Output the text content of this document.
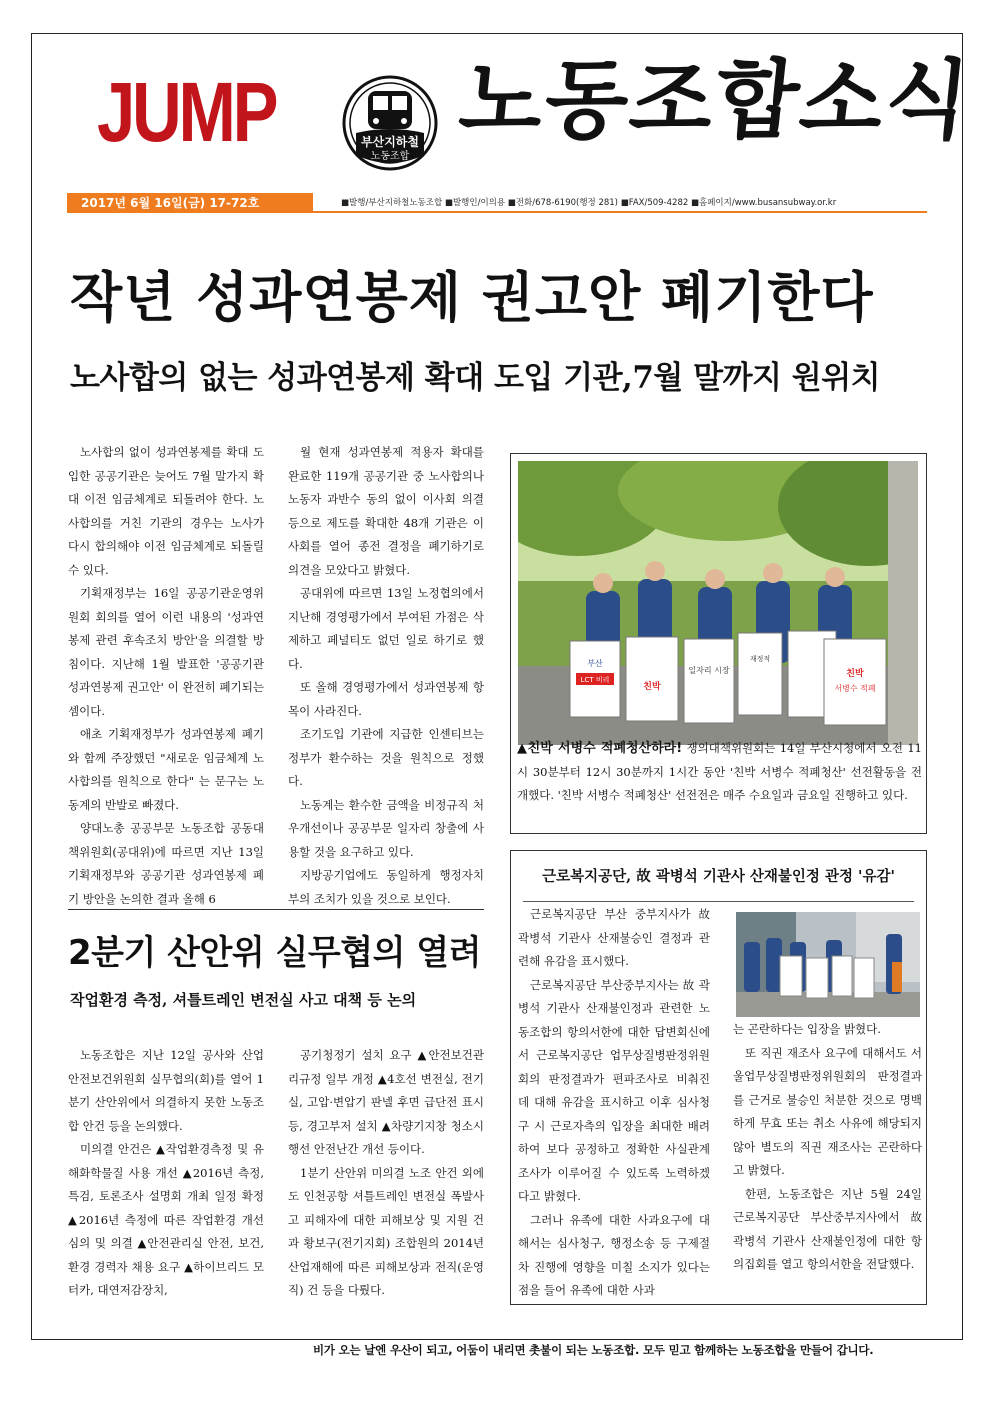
JUMP	부산지하철
노동조합
노동조합소식
2017년 6월 16일(금) 17-72호	■발행/부산지하철노동조합 ■발행인/이의용 ■전화/678-6190(행정 281) ■FAX/509-4282 ■홈페이지/www.busansubway.or.kr
작년 성과연봉제 권고안 폐기한다
노사합의 없는 성과연봉제 확대 도입 기관,7월 말까지 원위치

노사합의 없이 성과연봉제를 확대 도입한 공공기관은 늦어도 7월 말가지 확대 이전 임금체계로 되돌려야 한다. 노사합의를 거친 기관의 경우는 노사가 다시 합의해야 이전 임금체계로 되돌릴 수 있다.

기획재정부는 16일 공공기관운영위원회 회의를 열어 이런 내용의 '성과연봉제 관련 후속조치 방안'을 의결할 방침이다. 지난해 1월 발표한 '공공기관 성과연봉제 권고안' 이 완전히 폐기되는 셈이다.

애초 기획재정부가 성과연봉제 폐기와 함께 주장했던 "새로운 임금체계 노사합의를 원칙으로 한다" 는 문구는 노동계의 반발로 빠졌다.

양대노총 공공부문 노동조합 공동대책위원회(공대위)에 따르면 지난 13일 기획재정부와 공공기관 성과연봉제 폐기 방안을 논의한 결과 올해 6

월 현재 성과연봉제 적용자 확대를 완료한 119개 공공기관 중 노사합의나 노동자 과반수 동의 없이 이사회 의결 등으로 제도를 확대한 48개 기관은 이사회를 열어 종전 결정을 폐기하기로 의견을 모았다고 밝혔다.

공대위에 따르면 13일 노정협의에서 지난해 경영평가에서 부여된 가점은 삭제하고 페널티도 없던 일로 하기로 했다.

또 올해 경영평가에서 성과연봉제 항목이 사라진다.

조기도입 기관에 지급한 인센티브는 정부가 환수하는 것을 원칙으로 정했다.

노동계는 환수한 금액을 비정규직 처우개선이나 공공부문 일자리 창출에 사용할 것을 요구하고 있다.

지방공기업에도 동일하게 행정자치부의 조치가 있을 것으로 보인다.

부산
LCT 비리
친박
일자리 시장
재정적
친박
서병수 적폐
▲친박 서병수 적폐청산하라! 쟁의대책위원회는 14일 부산시청에서 오전 11시 30분부터 12시 30분까지 1시간 동안 '친박 서병수 적폐청산' 선전활동을 전개했다. '친박 서병수 적폐청산' 선전전은 매주 수요일과 금요일 진행하고 있다.
2분기 산안위 실무협의 열려
작업환경 측정, 셔틀트레인 변전실 사고 대책 등 논의

노동조합은 지난 12일 공사와 산업안전보건위원회 실무협의(회)를 열어 1분기 산안위에서 의결하지 못한 노동조합 안건 등을 논의했다.

미의결 안건은 ▲작업환경측정 및 유해화학물질 사용 개선 ▲2016년 측정, 특검, 토론조사 설명회 개최 일정 확정 ▲2016년 측정에 따른 작업환경 개선 심의 및 의결 ▲안전관리실 안전, 보건, 환경 경력자 채용 요구 ▲하이브리드 모터카, 대연저감장치,

공기청정기 설치 요구 ▲안전보건관리규정 일부 개정 ▲4호선 변전실, 전기실, 고압·변압기 판넬 후면 급단전 표시등, 경고부저 설치 ▲차량기지창 청소시행선 안전난간 개선 등이다.

1분기 산안위 미의결 노조 안건 외에도 인천공항 셔틀트레인 변전실 폭발사고 피해자에 대한 피해보상 및 지원 건과 황보구(전기지회) 조합원의 2014년 산업재해에 따른 피해보상과 전직(운영직) 건 등을 다뤘다.

근로복지공단, 故 곽병석 기관사 산재불인정 관정 '유감'

근로복지공단 부산 중부지사가 故 곽병석 기관사 산재불승인 결정과 관련해 유감을 표시했다.

근로복지공단 부산중부지사는 故 곽병석 기관사 산재불인정과 관련한 노동조합의 항의서한에 대한 답변회신에서 근로복지공단 업무상질병판정위원회의 판정결과가 편파조사로 비춰진 데 대해 유감을 표시하고 이후 심사청구 시 근로자측의 입장을 최대한 배려하여 보다 공정하고 정확한 사실관계 조사가 이루어질 수 있도록 노력하겠다고 밝혔다.

그러나 유족에 대한 사과요구에 대해서는 심사청구, 행정소송 등 구제절차 진행에 영향을 미칠 소지가 있다는 점을 들어 유족에 대한 사과

는 곤란하다는 입장을 밝혔다.

또 직권 재조사 요구에 대해서도 서울업무상질병판정위원회의 판정결과를 근거로 불승인 처분한 것으로 명백하게 무효 또는 취소 사유에 해당되지 않아 별도의 직권 재조사는 곤란하다고 밝혔다.

한편, 노동조합은 지난 5월 24일 근로복지공단 부산중부지사에서 故 곽병석 기관사 산재불인정에 대한 항의집회를 열고 항의서한을 전달했다.

비가 오는 날엔 우산이 되고, 어둠이 내리면 촛불이 되는 노동조합. 모두 믿고 함께하는 노동조합을 만들어 갑니다.
